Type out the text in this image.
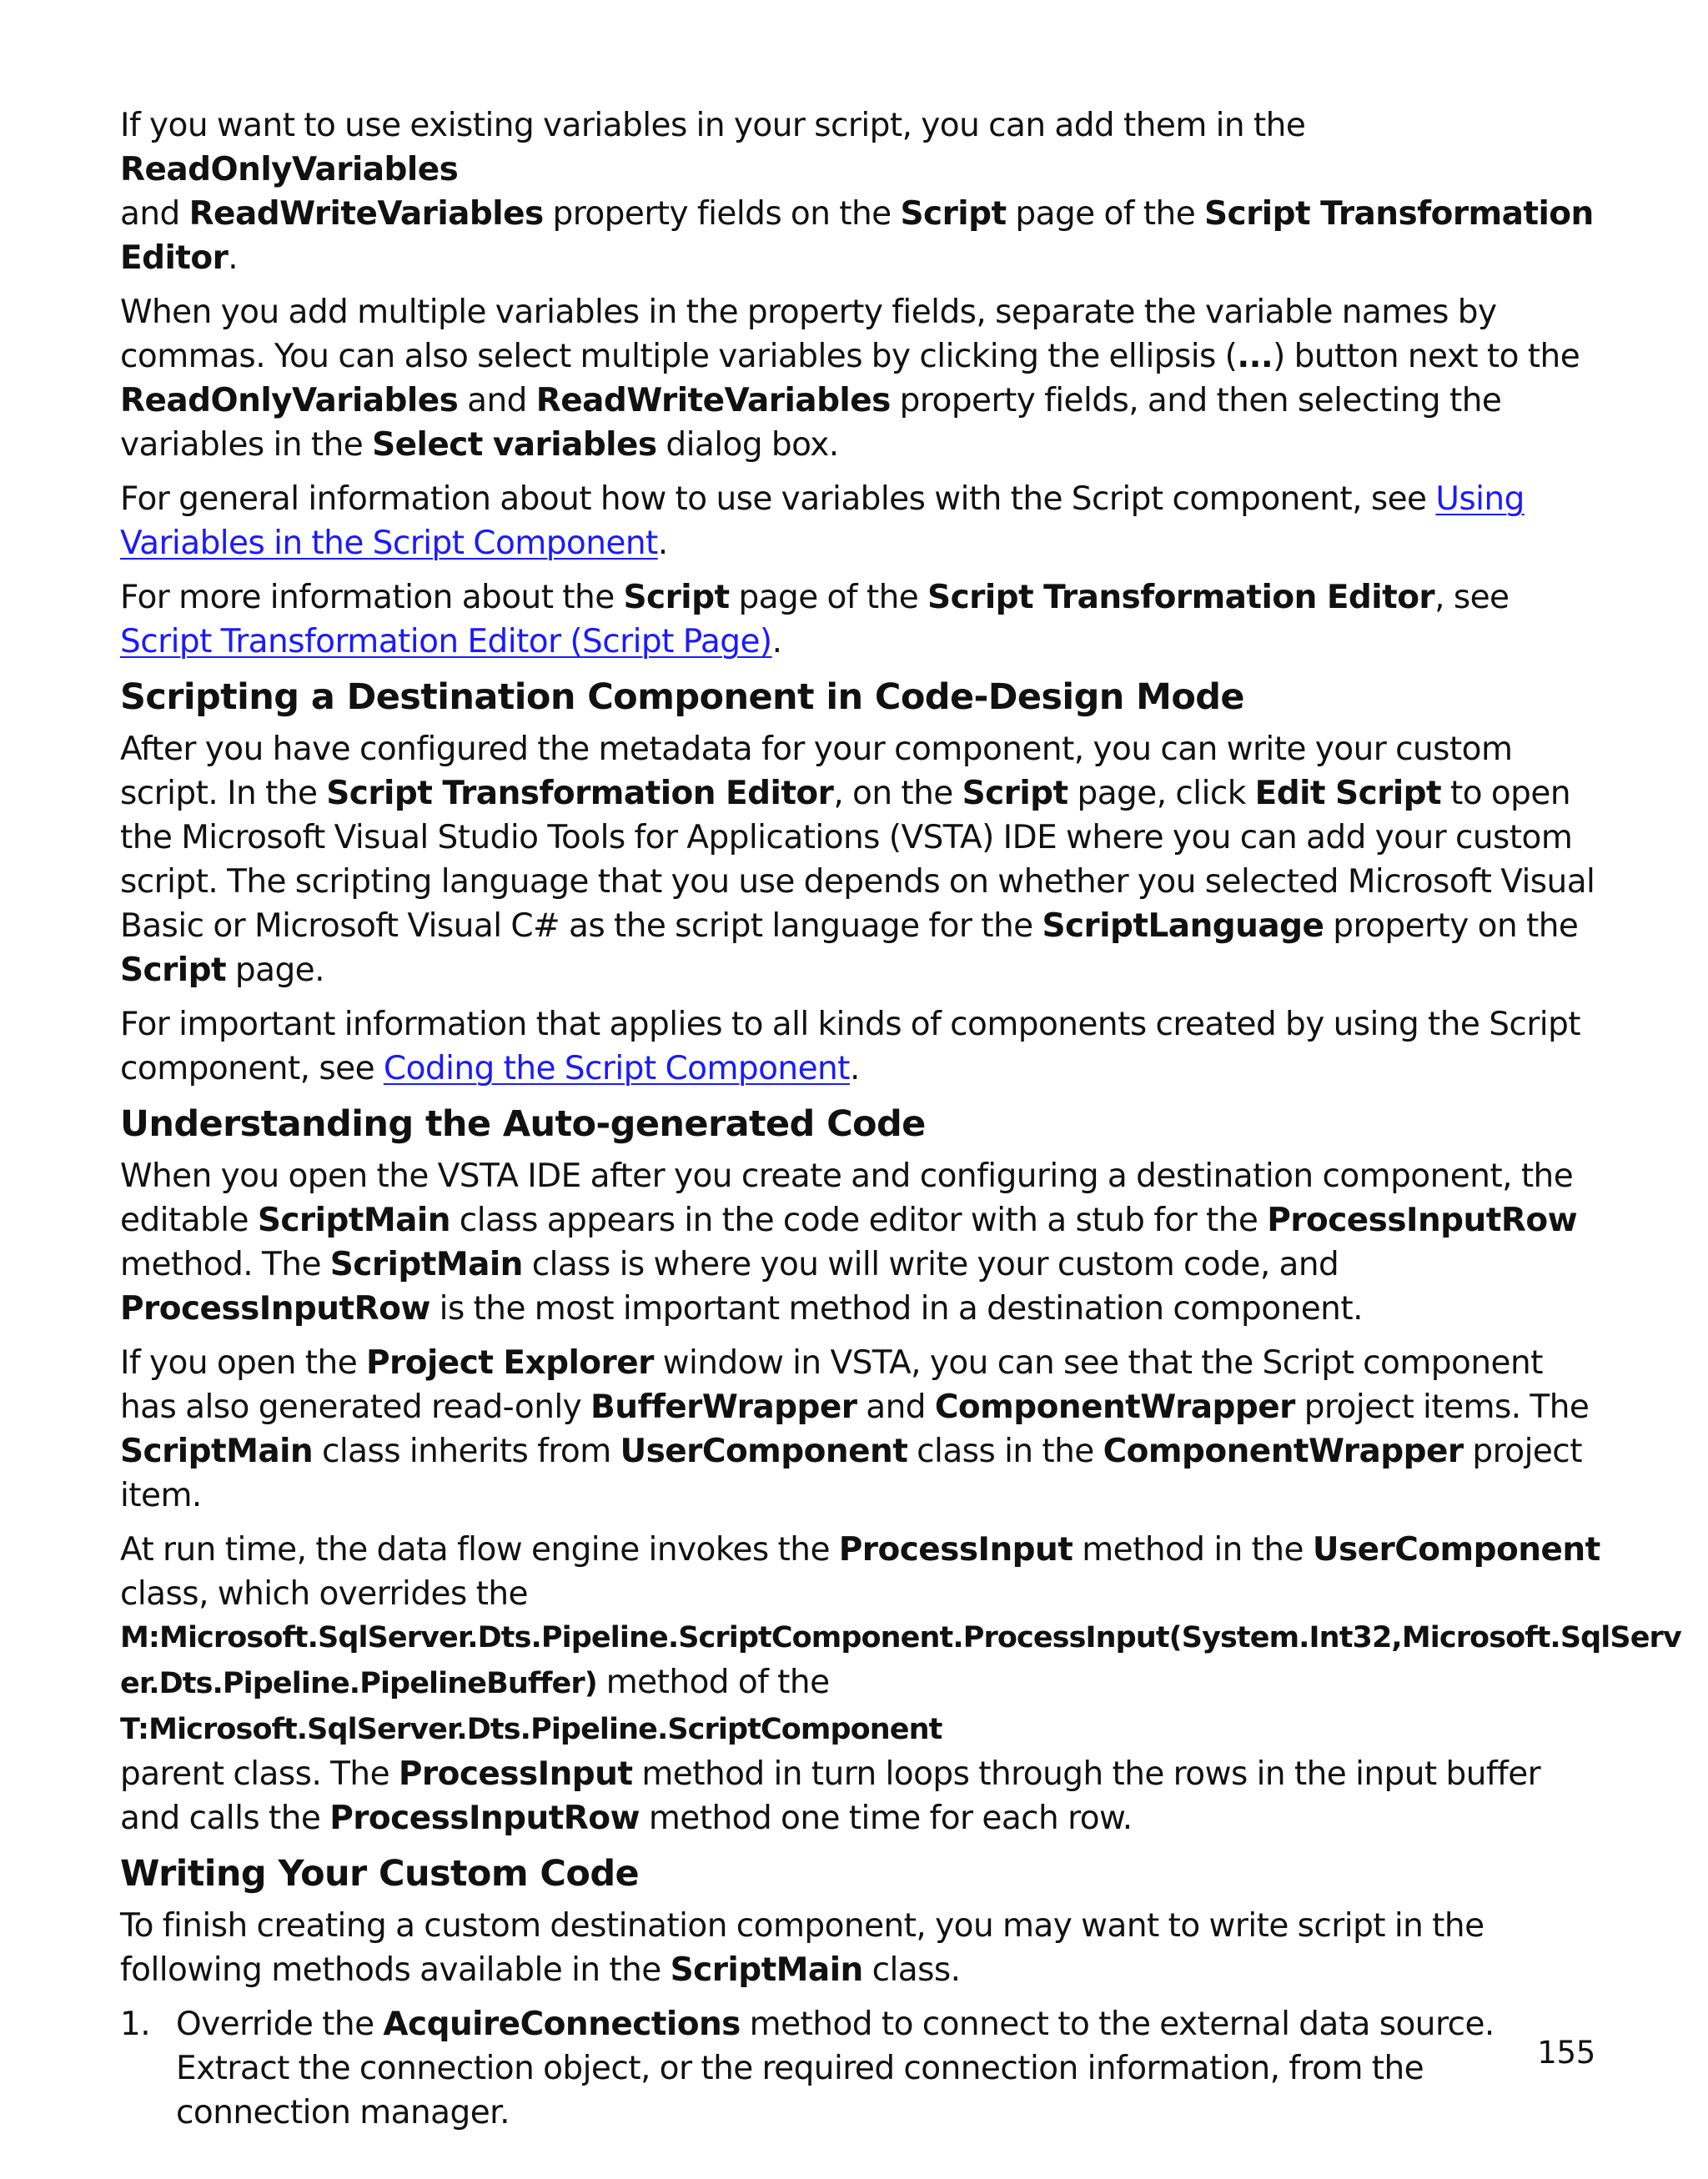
If you want to use existing variables in your script, you can add them in the ReadOnlyVariables
and ReadWriteVariables property fields on the Script page of the Script Transformation Editor.

When you add multiple variables in the property fields, separate the variable names by commas. You can also select multiple variables by clicking the ellipsis (...) button next to the ReadOnlyVariables and ReadWriteVariables property fields, and then selecting the variables in the Select variables dialog box.

For general information about how to use variables with the Script component, see Using Variables in the Script Component.

For more information about the Script page of the Script Transformation Editor, see Script Transformation Editor (Script Page).

Scripting a Destination Component in Code-Design Mode

After you have configured the metadata for your component, you can write your custom script. In the Script Transformation Editor, on the Script page, click Edit Script to open the Microsoft Visual Studio Tools for Applications (VSTA) IDE where you can add your custom script. The scripting language that you use depends on whether you selected Microsoft Visual Basic or Microsoft Visual C# as the script language for the ScriptLanguage property on the Script page.

For important information that applies to all kinds of components created by using the Script component, see Coding the Script Component.

Understanding the Auto-generated Code

When you open the VSTA IDE after you create and configuring a destination component, the editable ScriptMain class appears in the code editor with a stub for the ProcessInputRow method. The ScriptMain class is where you will write your custom code, and ProcessInputRow is the most important method in a destination component.

If you open the Project Explorer window in VSTA, you can see that the Script component has also generated read-only BufferWrapper and ComponentWrapper project items. The ScriptMain class inherits from UserComponent class in the ComponentWrapper project item.

At run time, the data flow engine invokes the ProcessInput method in the UserComponent
class, which overrides the
M:Microsoft.SqlServer.Dts.Pipeline.ScriptComponent.ProcessInput(System.Int32,Microsoft.SqlServ
er.Dts.Pipeline.PipelineBuffer) method of the T:Microsoft.SqlServer.Dts.Pipeline.ScriptComponent
parent class. The ProcessInput method in turn loops through the rows in the input buffer and calls the ProcessInputRow method one time for each row.

Writing Your Custom Code

To finish creating a custom destination component, you may want to write script in the following methods available in the ScriptMain class.

1. Override the AcquireConnections method to connect to the external data source. Extract the connection object, or the required connection information, from the connection manager.
155
